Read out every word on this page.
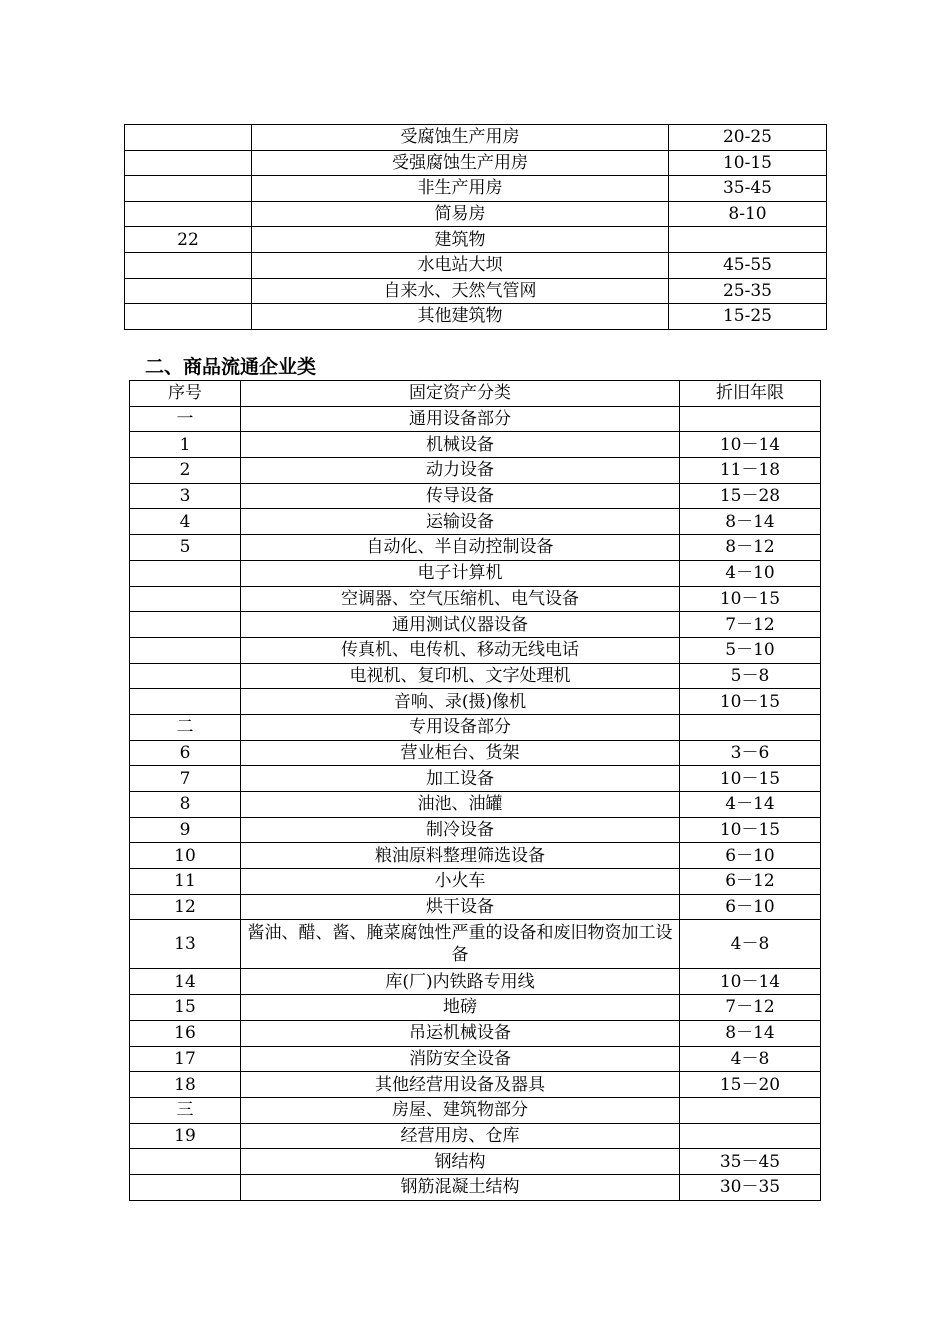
	受腐蚀生产用房	20-25
	受强腐蚀生产用房	10-15
	非生产用房	35-45
	简易房	8-10
22	建筑物	
	水电站大坝	45-55
	自来水、天然气管网	25-35
	其他建筑物	15-25
二、商品流通企业类
序号	固定资产分类	折旧年限
一	通用设备部分	
1	机械设备	10－14
2	动力设备	11－18
3	传导设备	15－28
4	运输设备	8－14
5	自动化、半自动控制设备	8－12
	电子计算机	4－10
	空调器、空气压缩机、电气设备	10－15
	通用测试仪器设备	7－12
	传真机、电传机、移动无线电话	5－10
	电视机、复印机、文字处理机	5－8
	音响、录(摄)像机	10－15
二	专用设备部分	
6	营业柜台、货架	3－6
7	加工设备	10－15
8	油池、油罐	4－14
9	制冷设备	10－15
10	粮油原料整理筛选设备	6－10
11	小火车	6－12
12	烘干设备	6－10
13	酱油、醋、酱、腌菜腐蚀性严重的设备和废旧物资加工设备	4－8
14	库(厂)内铁路专用线	10－14
15	地磅	7－12
16	吊运机械设备	8－14
17	消防安全设备	4－8
18	其他经营用设备及器具	15－20
三	房屋、建筑物部分	
19	经营用房、仓库	
	钢结构	35－45
	钢筋混凝土结构	30－35
